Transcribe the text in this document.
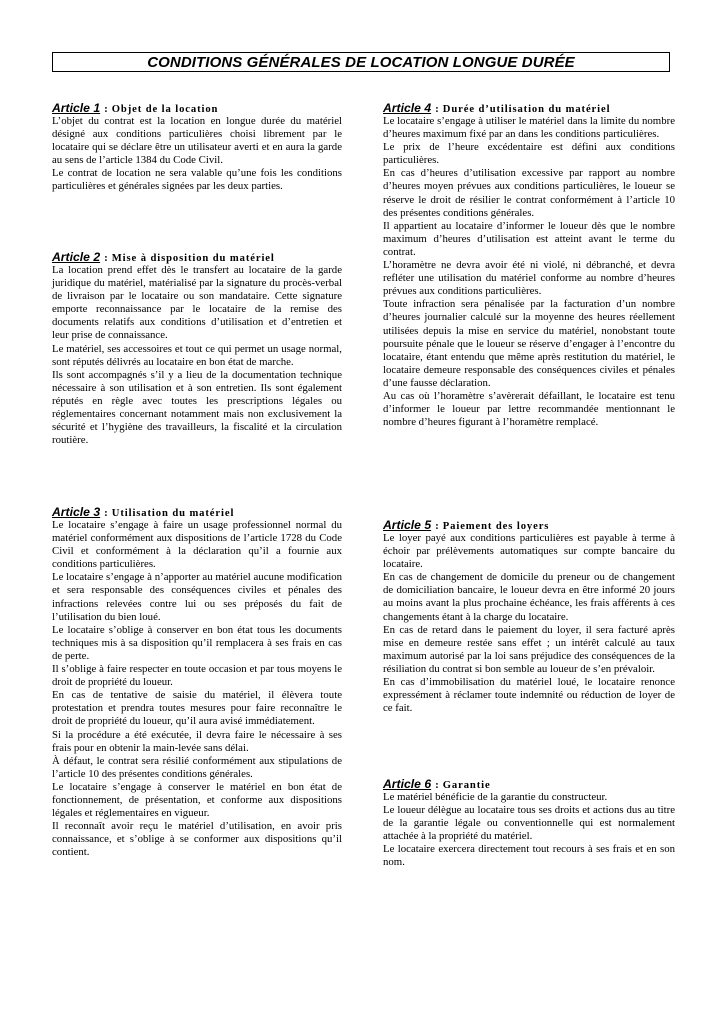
CONDITIONS GÉNÉRALES DE LOCATION LONGUE DURÉE
Article 1 : Objet de la location

L’objet du contrat est la location en longue durée du matériel désigné aux conditions particulières choisi librement par le locataire qui se déclare être un utilisateur averti et en aura la garde au sens de l’article 1384 du Code Civil.

Le contrat de location ne sera valable qu’une fois les conditions particulières et générales signées par les deux parties.

Article 2 : Mise à disposition du matériel

La location prend effet dès le transfert au locataire de la garde juridique du matériel, matérialisé par la signature du procès-verbal de livraison par le locataire ou son mandataire. Cette signature emporte reconnaissance par le locataire de la remise des documents relatifs aux conditions d’utilisation et d’entretien et leur prise de connaissance.

Le matériel, ses accessoires et tout ce qui permet un usage normal, sont réputés délivrés au locataire en bon état de marche.

Ils sont accompagnés s’il y a lieu de la documentation technique nécessaire à son utilisation et à son entretien. Ils sont également réputés en règle avec toutes les prescriptions légales ou réglementaires concernant notamment mais non exclusivement la sécurité et l’hygiène des travailleurs, la fiscalité et la circulation routière.

Article 3 : Utilisation du matériel

Le locataire s’engage à faire un usage professionnel normal du matériel conformément aux dispositions de l’article 1728 du Code Civil et conformément à la déclaration qu’il a fournie aux conditions particulières.

Le locataire s’engage à n’apporter au matériel aucune modification et sera responsable des conséquences civiles et pénales des infractions relevées contre lui ou ses préposés du fait de l’utilisation du bien loué.

Le locataire s’oblige à conserver en bon état tous les documents techniques mis à sa disposition qu’il remplacera à ses frais en cas de perte.

Il s’oblige à faire respecter en toute occasion et par tous moyens le droit de propriété du loueur.

En cas de tentative de saisie du matériel, il élèvera toute protestation et prendra toutes mesures pour faire reconnaître le droit de propriété du loueur, qu’il aura avisé immédiatement.

Si la procédure a été exécutée, il devra faire le nécessaire à ses frais pour en obtenir la main-levée sans délai.

À défaut, le contrat sera résilié conformément aux stipulations de l’article 10 des présentes conditions générales.

Le locataire s’engage à conserver le matériel en bon état de fonctionnement, de présentation, et conforme aux dispositions légales et réglementaires en vigueur.

Il reconnaît avoir reçu le matériel d’utilisation, en avoir pris connaissance, et s’oblige à se conformer aux dispositions qu’il contient.

Article 4 : Durée d’utilisation du matériel

Le locataire s’engage à utiliser le matériel dans la limite du nombre d’heures maximum fixé par an dans les conditions particulières.

Le prix de l’heure excédentaire est défini aux conditions particulières.

En cas d’heures d’utilisation excessive par rapport au nombre d’heures moyen prévues aux conditions particulières, le loueur se réserve le droit de résilier le contrat conformément à l’article 10 des présentes conditions générales.

Il appartient au locataire d’informer le loueur dès que le nombre maximum d’heures d’utilisation est atteint avant le terme du contrat.

L’horamètre ne devra avoir été ni violé, ni débranché, et devra refléter une utilisation du matériel conforme au nombre d’heures prévues aux conditions particulières.

Toute infraction sera pénalisée par la facturation d’un nombre d’heures journalier calculé sur la moyenne des heures réellement utilisées depuis la mise en service du matériel, nonobstant toute poursuite pénale que le loueur se réserve d’engager à l’encontre du locataire, étant entendu que même après restitution du matériel, le locataire demeure responsable des conséquences civiles et pénales d’une fausse déclaration.

Au cas où l’horamètre s’avèrerait défaillant, le locataire est tenu d’informer le loueur par lettre recommandée mentionnant le nombre d’heures figurant à l’horamètre remplacé.

Article 5 : Paiement des loyers

Le loyer payé aux conditions particulières est payable à terme à échoir par prélèvements automatiques sur compte bancaire du locataire.

En cas de changement de domicile du preneur ou de changement de domiciliation bancaire, le loueur devra en être informé 20 jours au moins avant la plus prochaine échéance, les frais afférents à ces changements étant à la charge du locataire.

En cas de retard dans le paiement du loyer, il sera facturé après mise en demeure restée sans effet ; un intérêt calculé au taux maximum autorisé par la loi sans préjudice des conséquences de la résiliation du contrat si bon semble au loueur de s’en prévaloir.

En cas d’immobilisation du matériel loué, le locataire renonce expressément à réclamer toute indemnité ou réduction de loyer de ce fait.

Article 6 : Garantie

Le matériel bénéficie de la garantie du constructeur.

Le loueur délègue au locataire tous ses droits et actions dus au titre de la garantie légale ou conventionnelle qui est normalement attachée à la propriété du matériel.

Le locataire exercera directement tout recours à ses frais et en son nom.
